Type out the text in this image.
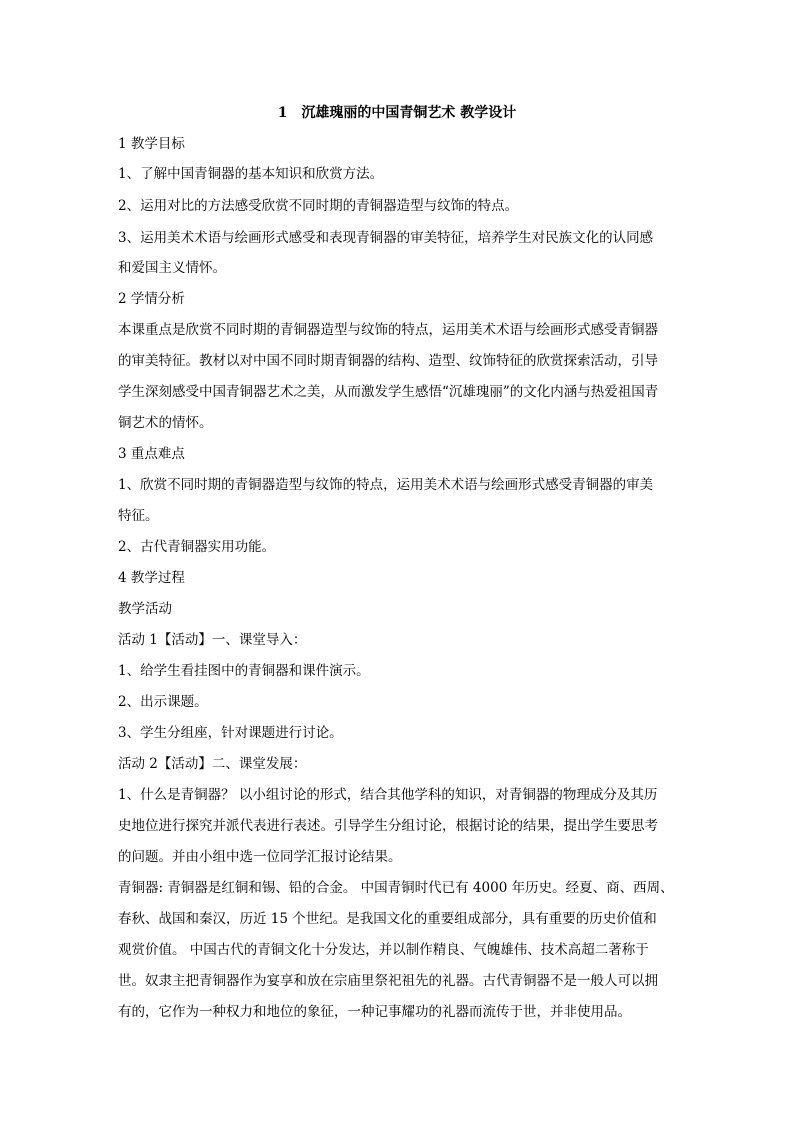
1　沉雄瑰丽的中国青铜艺术 教学设计
1 教学目标
1、了解中国青铜器的基本知识和欣赏方法。
2、运用对比的方法感受欣赏不同时期的青铜器造型与纹饰的特点。
3、运用美术术语与绘画形式感受和表现青铜器的审美特征，培养学生对民族文化的认同感
和爱国主义情怀。
2 学情分析
本课重点是欣赏不同时期的青铜器造型与纹饰的特点，运用美术术语与绘画形式感受青铜器
的审美特征。教材以对中国不同时期青铜器的结构、造型、纹饰特征的欣赏探索活动，引导
学生深刻感受中国青铜器艺术之美，从而激发学生感悟“沉雄瑰丽”的文化内涵与热爱祖国青
铜艺术的情怀。
3 重点难点
1、欣赏不同时期的青铜器造型与纹饰的特点，运用美术术语与绘画形式感受青铜器的审美
特征。
2、古代青铜器实用功能。
4 教学过程
教学活动
活动 1【活动】一、课堂导入：
1、给学生看挂图中的青铜器和课件演示。
2、出示课题。
3、学生分组座，针对课题进行讨论。
活动 2【活动】二、课堂发展：
1、什么是青铜器？ 以小组讨论的形式，结合其他学科的知识，对青铜器的物理成分及其历
史地位进行探究并派代表进行表述。引导学生分组讨论，根据讨论的结果，提出学生要思考
的问题。并由小组中选一位同学汇报讨论结果。
青铜器: 青铜器是红铜和锡、铅的合金。 中国青铜时代已有 4000 年历史。经夏、商、西周、
春秋、战国和秦汉，历近 15 个世纪。是我国文化的重要组成部分，具有重要的历史价值和
观赏价值。 中国古代的青铜文化十分发达，并以制作精良、气魄雄伟、技术高超二著称于
世。奴隶主把青铜器作为宴享和放在宗庙里祭祀祖先的礼器。古代青铜器不是一般人可以拥
有的，它作为一种权力和地位的象征，一种记事耀功的礼器而流传于世，并非使用品。
